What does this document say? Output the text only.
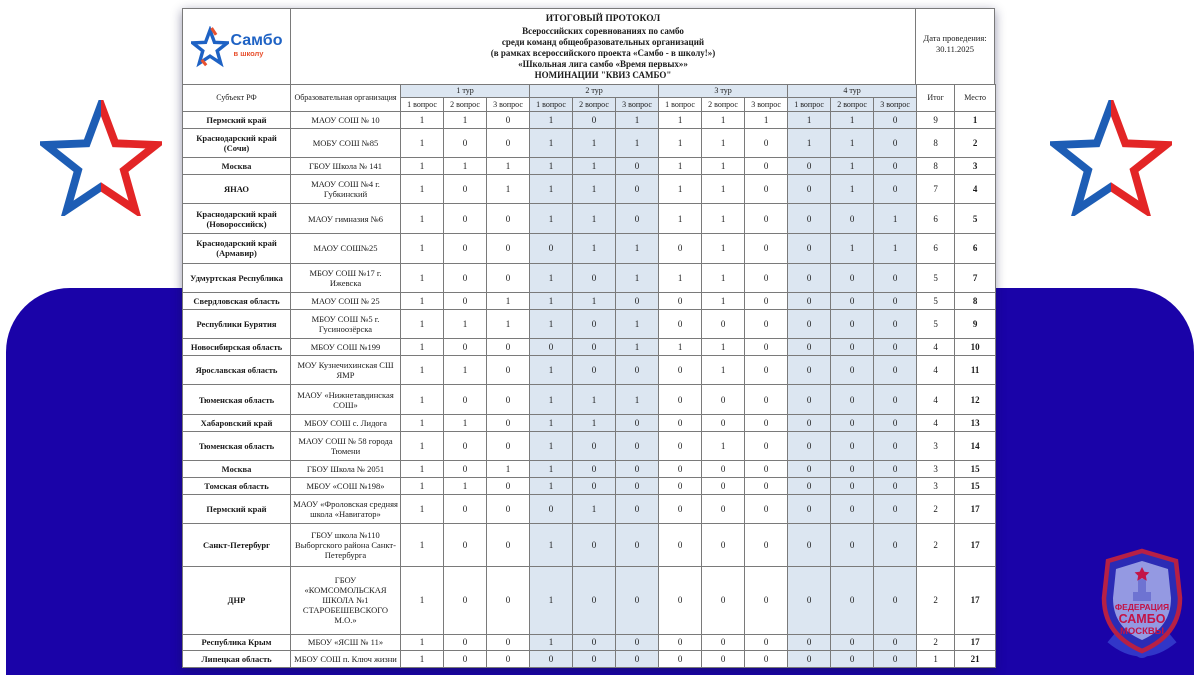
ФЕДЕРАЦИЯ
САМБО
МОСКВЫ
Самбо
в школу
ИТОГОВЫЙ ПРОТОКОЛ
Всероссийских соревнованиях по самбо
среди команд общеобразовательных организаций
(в рамках всероссийского проекта «Самбо - в школу!»)
«Школьная лига самбо «Время первых»»
НОМИНАЦИИ "КВИЗ САМБО"
Дата проведения:
30.11.2025
Субъект РФ	Образовательная организация	1 тур			2 тур			3 тур			4 тур			Итог	Место
		1 вопрос	2 вопрос	3 вопрос	1 вопрос	2 вопрос	3 вопрос	1 вопрос	2 вопрос	3 вопрос	1 вопрос	2 вопрос	3 вопрос		
Пермский край	МАОУ СОШ № 10	1	1	0	1	0	1	1	1	1	1	1	0	9	1
Краснодарский край (Сочи)	МОБУ СОШ №85	1	0	0	1	1	1	1	1	0	1	1	0	8	2
Москва	ГБОУ Школа № 141	1	1	1	1	1	0	1	1	0	0	1	0	8	3
ЯНАО	МАОУ СОШ №4 г. Губкинский	1	0	1	1	1	0	1	1	0	0	1	0	7	4
Краснодарский край (Новороссийск)	МАОУ гимназия №6	1	0	0	1	1	0	1	1	0	0	0	1	6	5
Краснодарский край (Армавир)	МАОУ СОШ№25	1	0	0	0	1	1	0	1	0	0	1	1	6	6
Удмуртская Республика	МБОУ СОШ №17 г. Ижевска	1	0	0	1	0	1	1	1	0	0	0	0	5	7
Свердловская область	МАОУ СОШ № 25	1	0	1	1	1	0	0	1	0	0	0	0	5	8
Республики Бурятия	МБОУ СОШ №5 г. Гусиноозёрска	1	1	1	1	0	1	0	0	0	0	0	0	5	9
Новосибирская область	МБОУ СОШ №199	1	0	0	0	0	1	1	1	0	0	0	0	4	10
Ярославская область	МОУ Кузнечихинская СШ ЯМР	1	1	0	1	0	0	0	1	0	0	0	0	4	11
Тюменская область	МАОУ «Нижнетавдинская СОШ»	1	0	0	1	1	1	0	0	0	0	0	0	4	12
Хабаровский край	МБОУ СОШ с. Лидога	1	1	0	1	1	0	0	0	0	0	0	0	4	13
Тюменская область	МАОУ СОШ № 58 города Тюмени	1	0	0	1	0	0	0	1	0	0	0	0	3	14
Москва	ГБОУ Школа № 2051	1	0	1	1	0	0	0	0	0	0	0	0	3	15
Томская область	МБОУ «СОШ №198»	1	1	0	1	0	0	0	0	0	0	0	0	3	15
Пермский край	МАОУ «Фроловская средняя школа «Навигатор»	1	0	0	0	1	0	0	0	0	0	0	0	2	17
Санкт-Петербург	ГБОУ школа №110 Выборгского района Санкт-Петербурга	1	0	0	1	0	0	0	0	0	0	0	0	2	17
ДНР	ГБОУ «КОМСОМОЛЬСКАЯ ШКОЛА №1 СТАРОБЕШЕВСКОГО М.О.»	1	0	0	1	0	0	0	0	0	0	0	0	2	17
Республика Крым	МБОУ «ЯСШ № 11»	1	0	0	1	0	0	0	0	0	0	0	0	2	17
Липецкая область	МБОУ СОШ п. Ключ жизни	1	0	0	0	0	0	0	0	0	0	0	0	1	21
